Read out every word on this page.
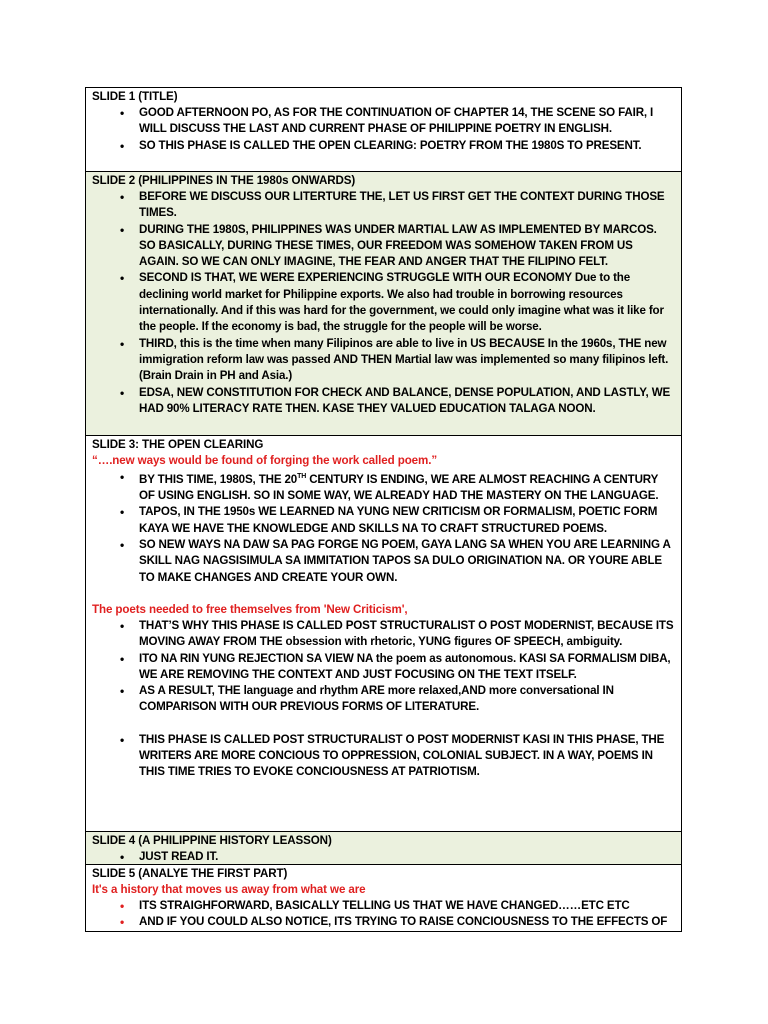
SLIDE 1 (TITLE)
• GOOD AFTERNOON PO, AS FOR THE CONTINUATION OF CHAPTER 14, THE SCENE SO FAIR, I WILL DISCUSS THE LAST AND CURRENT PHASE OF PHILIPPINE POETRY IN ENGLISH.
• SO THIS PHASE IS CALLED THE OPEN CLEARING: POETRY FROM THE 1980S TO PRESENT.
SLIDE 2 (PHILIPPINES IN THE 1980s ONWARDS)
• BEFORE WE DISCUSS OUR LITERTURE THE, LET US FIRST GET THE CONTEXT DURING THOSE TIMES.
• DURING THE 1980S, PHILIPPINES WAS UNDER MARTIAL LAW AS IMPLEMENTED BY MARCOS. SO BASICALLY, DURING THESE TIMES, OUR FREEDOM WAS SOMEHOW TAKEN FROM US AGAIN. SO WE CAN ONLY IMAGINE, THE FEAR AND ANGER THAT THE FILIPINO FELT.
• SECOND IS THAT, WE WERE EXPERIENCING STRUGGLE WITH OUR ECONOMY Due to the declining world market for Philippine exports. We also had trouble in borrowing resources internationally. And if this was hard for the government, we could only imagine what was it like for the people. If the economy is bad, the struggle for the people will be worse.
• THIRD, this is the time when many Filipinos are able to live in US BECAUSE In the 1960s, THE new immigration reform law was passed AND THEN Martial law was implemented so many filipinos left. (Brain Drain in PH and Asia.)
• EDSA, NEW CONSTITUTION FOR CHECK AND BALANCE, DENSE POPULATION, AND LASTLY, WE HAD 90% LITERACY RATE THEN. KASE THEY VALUED EDUCATION TALAGA NOON.
SLIDE 3: THE OPEN CLEARING
“….new ways would be found of forging the work called poem.”
• BY THIS TIME, 1980S, THE 20TH CENTURY IS ENDING, WE ARE ALMOST REACHING A CENTURY OF USING ENGLISH. SO IN SOME WAY, WE ALREADY HAD THE MASTERY ON THE LANGUAGE.
• TAPOS, IN THE 1950s WE LEARNED NA YUNG NEW CRITICISM OR FORMALISM, POETIC FORM KAYA WE HAVE THE KNOWLEDGE AND SKILLS NA TO CRAFT STRUCTURED POEMS.
• SO NEW WAYS NA DAW SA PAG FORGE NG POEM, GAYA LANG SA WHEN YOU ARE LEARNING A SKILL NAG NAGSISIMULA SA IMMITATION TAPOS SA DULO ORIGINATION NA. OR YOURE ABLE TO MAKE CHANGES AND CREATE YOUR OWN.
The poets needed to free themselves from 'New Criticism',
• THAT’S WHY THIS PHASE IS CALLED POST STRUCTURALIST O POST MODERNIST, BECAUSE ITS MOVING AWAY FROM THE obsession with rhetoric, YUNG figures OF SPEECH, ambiguity.
• ITO NA RIN YUNG REJECTION SA VIEW NA the poem as autonomous. KASI SA FORMALISM DIBA, WE ARE REMOVING THE CONTEXT AND JUST FOCUSING ON THE TEXT ITSELF.
• AS A RESULT, THE language and rhythm ARE more relaxed,AND more conversational IN COMPARISON WITH OUR PREVIOUS FORMS OF LITERATURE.
• THIS PHASE IS CALLED POST STRUCTURALIST O POST MODERNIST KASI IN THIS PHASE, THE WRITERS ARE MORE CONCIOUS TO OPPRESSION, COLONIAL SUBJECT. IN A WAY, POEMS IN THIS TIME TRIES TO EVOKE CONCIOUSNESS AT PATRIOTISM.
SLIDE 4 (A PHILIPPINE HISTORY LEASSON)
• JUST READ IT.
SLIDE 5 (ANALYE THE FIRST PART)
It's a history that moves us away from what we are
• ITS STRAIGHFORWARD, BASICALLY TELLING US THAT WE HAVE CHANGED……ETC ETC
• AND IF YOU COULD ALSO NOTICE, ITS TRYING TO RAISE CONCIOUSNESS TO THE EFFECTS OF
